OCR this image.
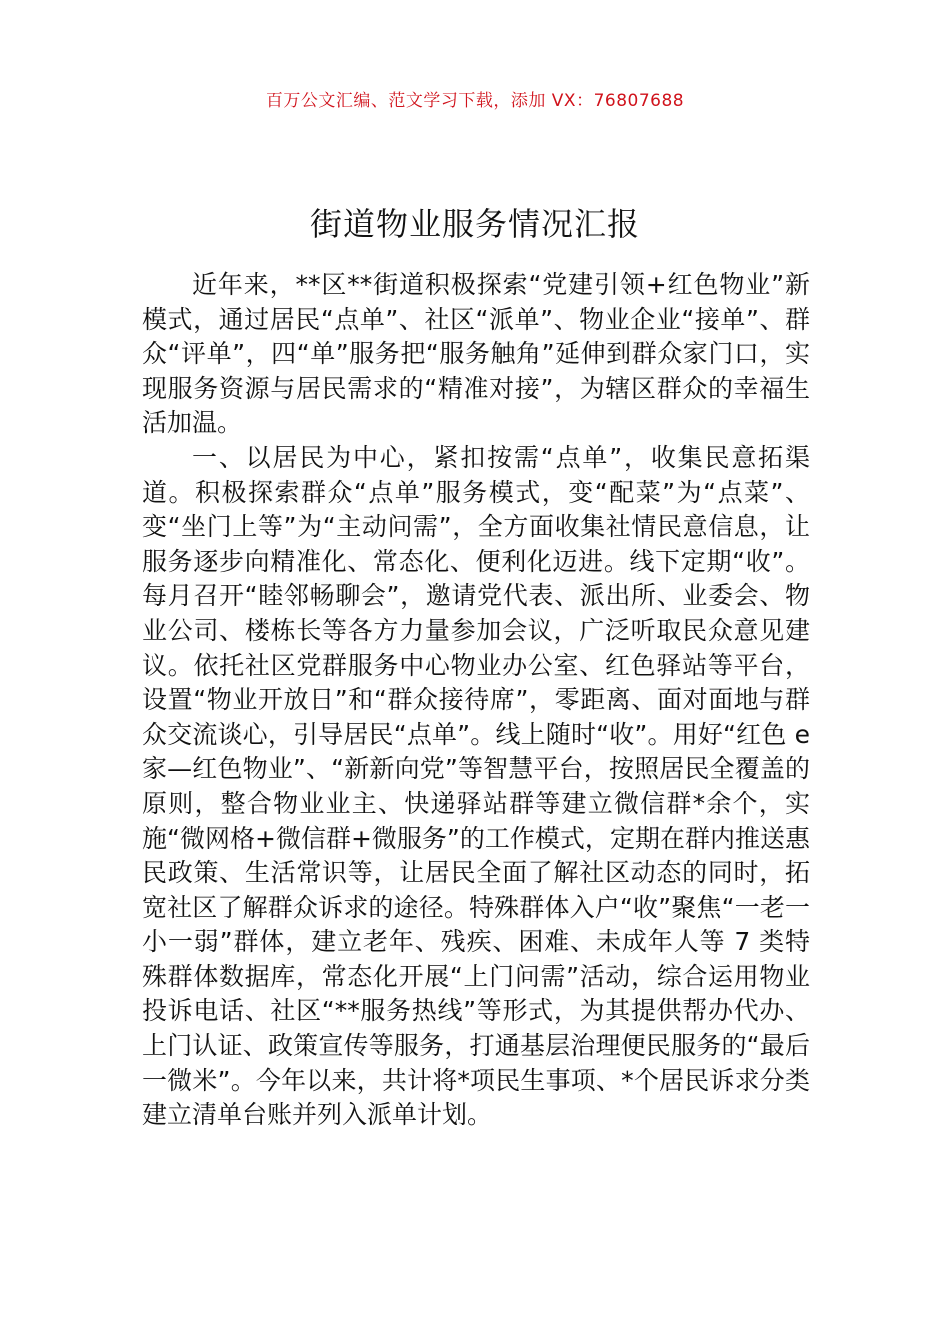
百万公文汇编、范文学习下载，添加 VX：76807688
街道物业服务情况汇报

近年来，**区**街道积极探索“党建引领+红色物业”新模式，通过居民“点单”、社区“派单”、物业企业“接单”、群众“评单”，四“单”服务把“服务触角”延伸到群众家门口，实现服务资源与居民需求的“精准对接”，为辖区群众的幸福生活加温。

一、以居民为中心，紧扣按需“点单”，收集民意拓渠道。积极探索群众“点单”服务模式，变“配菜”为“点菜”、变“坐门上等”为“主动问需”，全方面收集社情民意信息，让服务逐步向精准化、常态化、便利化迈进。线下定期“收”。每月召开“睦邻畅聊会”，邀请党代表、派出所、业委会、物业公司、楼栋长等各方力量参加会议，广泛听取民众意见建议。依托社区党群服务中心物业办公室、红色驿站等平台，设置“物业开放日”和“群众接待席”，零距离、面对面地与群众交流谈心，引导居民“点单”。线上随时“收”。用好“红色 e 家—红色物业”、“新新向党”等智慧平台，按照居民全覆盖的原则，整合物业业主、快递驿站群等建立微信群*余个，实施“微网格+微信群+微服务”的工作模式，定期在群内推送惠民政策、生活常识等，让居民全面了解社区动态的同时，拓宽社区了解群众诉求的途径。特殊群体入户“收”聚焦“一老一小一弱”群体，建立老年、残疾、困难、未成年人等 7 类特殊群体数据库，常态化开展“上门问需”活动，综合运用物业投诉电话、社区“**服务热线”等形式，为其提供帮办代办、上门认证、政策宣传等服务，打通基层治理便民服务的“最后一微米”。今年以来，共计将*项民生事项、*个居民诉求分类建立清单台账并列入派单计划。
